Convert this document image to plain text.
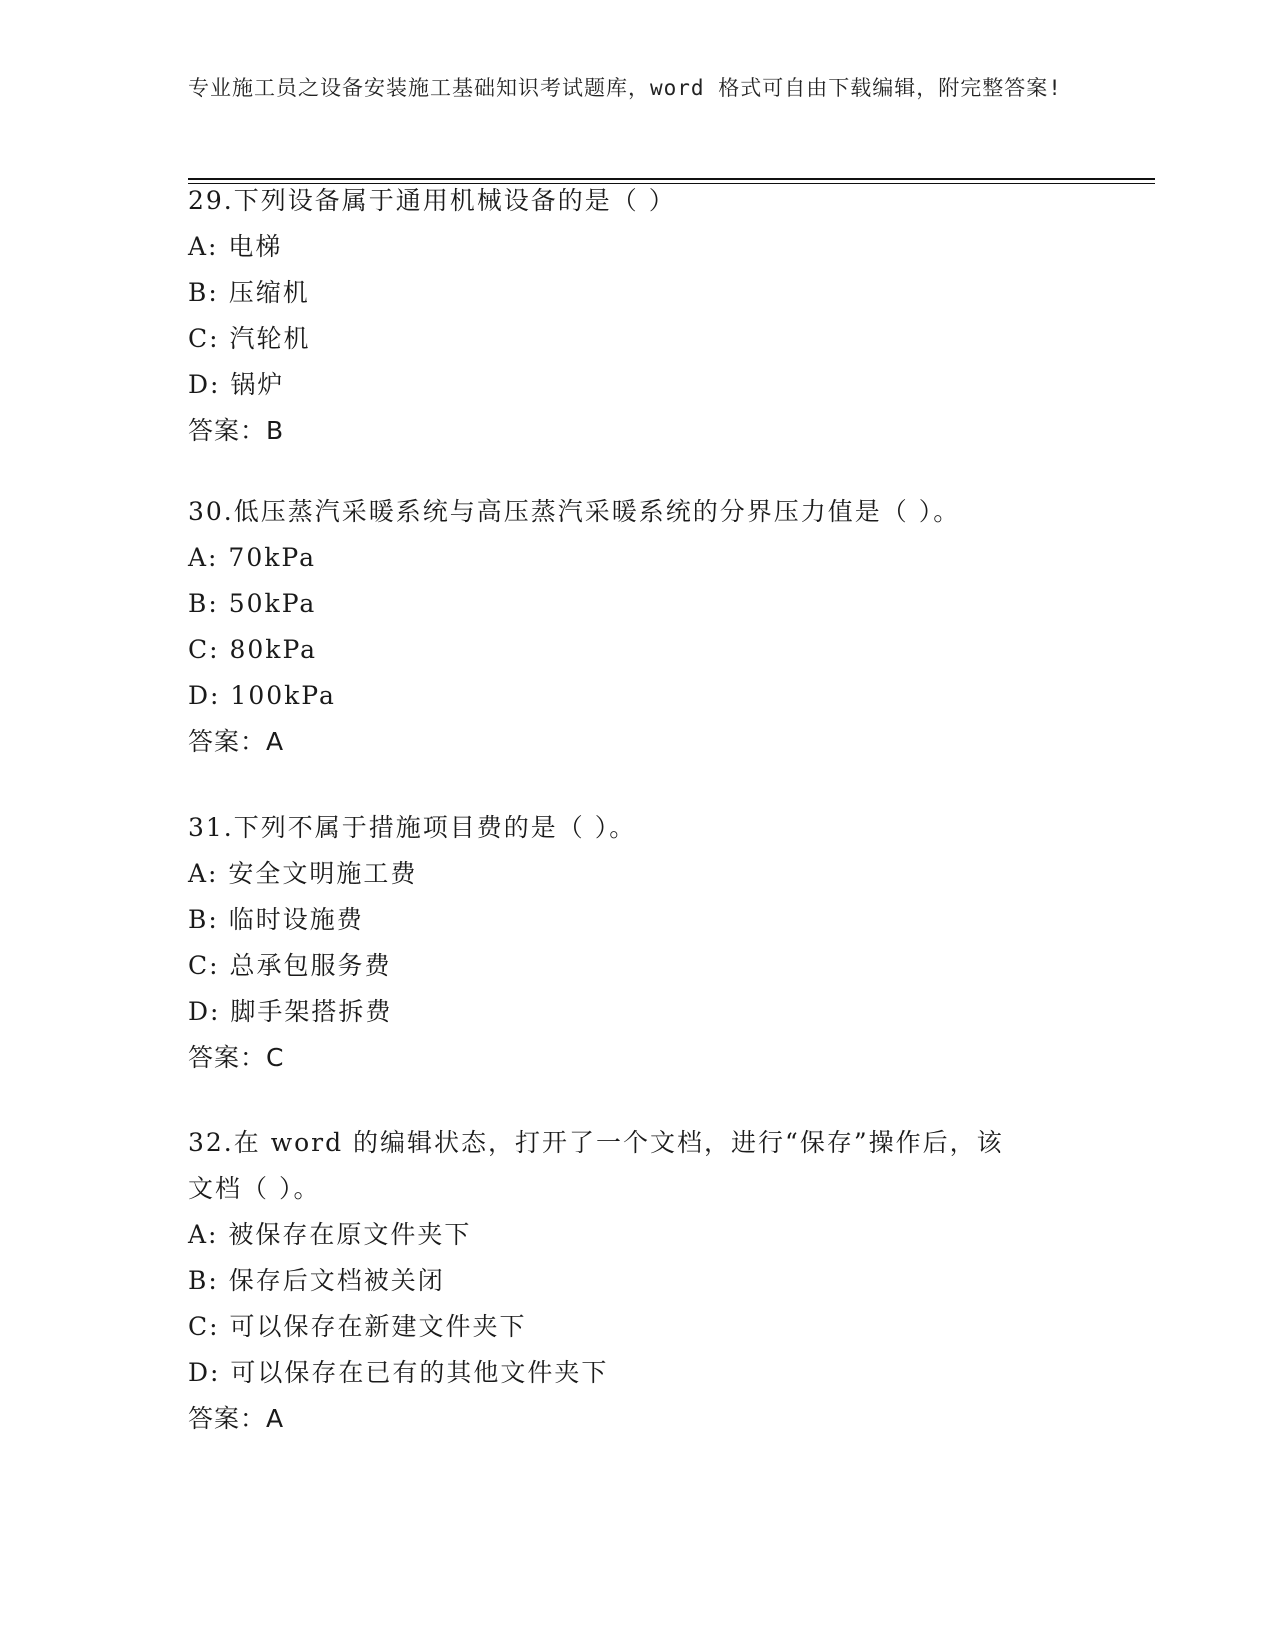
专业施工员之设备安装施工基础知识考试题库，word 格式可自由下载编辑，附完整答案!

29.下列设备属于通用机械设备的是（ ）

A: 电梯

B: 压缩机

C: 汽轮机

D: 锅炉

答案：B

30.低压蒸汽采暖系统与高压蒸汽采暖系统的分界压力值是（ ）。

A: 70kPa

B: 50kPa

C: 80kPa

D: 100kPa

答案：A

31.下列不属于措施项目费的是（ ）。

A: 安全文明施工费

B: 临时设施费

C: 总承包服务费

D: 脚手架搭拆费

答案：C

32.在 word 的编辑状态，打开了一个文档，进行“保存”操作后，该

文档（ ）。

A: 被保存在原文件夹下

B: 保存后文档被关闭

C: 可以保存在新建文件夹下

D: 可以保存在已有的其他文件夹下

答案：A
